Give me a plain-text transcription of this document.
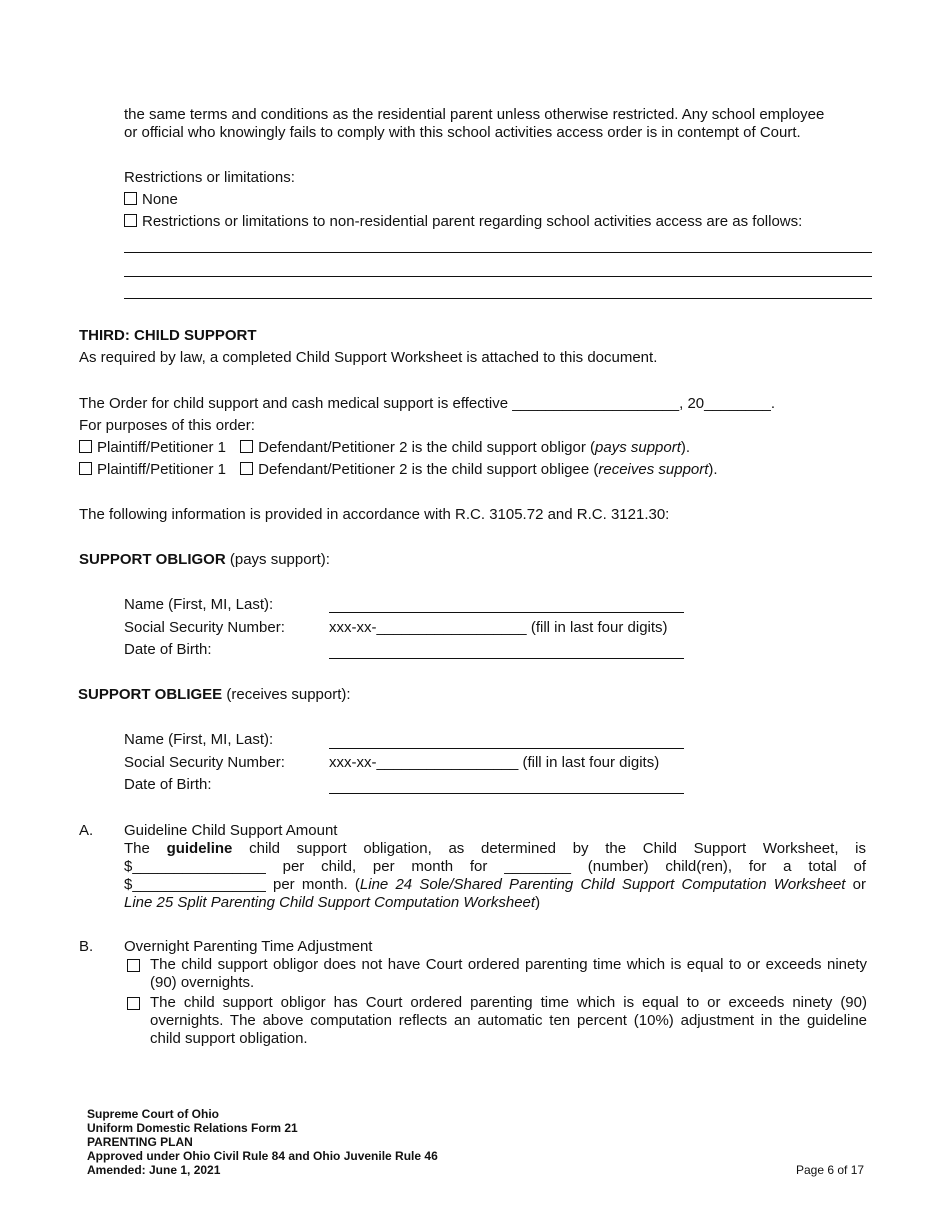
the same terms and conditions as the residential parent unless otherwise restricted. Any school employee
or official who knowingly fails to comply with this school activities access order is in contempt of Court.
Restrictions or limitations:
None
Restrictions or limitations to non-residential parent regarding school activities access are as follows:
THIRD: CHILD SUPPORT
As required by law, a completed Child Support Worksheet is attached to this document.
The Order for child support and cash medical support is effective ____________________, 20________.
For purposes of this order:
Plaintiff/Petitioner 1 Defendant/Petitioner 2 is the child support obligor (pays support).
Plaintiff/Petitioner 1 Defendant/Petitioner 2 is the child support obligee (receives support).
The following information is provided in accordance with R.C. 3105.72 and R.C. 3121.30:
SUPPORT OBLIGOR (pays support):
Name (First, MI, Last):
Social Security Number:	xxx-xx-__________________ (fill in last four digits)
Date of Birth:
SUPPORT OBLIGEE (receives support):
Name (First, MI, Last):
Social Security Number:	xxx-xx-_________________ (fill in last four digits)
Date of Birth:
A. Guideline Child Support Amount
The guideline child support obligation, as determined by the Child Support Worksheet, is
$________________ per child, per month for ________ (number) child(ren), for a total of
$________________ per month. (Line 24 Sole/Shared Parenting Child Support Computation Worksheet or
Line 25 Split Parenting Child Support Computation Worksheet)
B. Overnight Parenting Time Adjustment
The child support obligor does not have Court ordered parenting time which is equal to or exceeds ninety (90) overnights.
The child support obligor has Court ordered parenting time which is equal to or exceeds ninety (90) overnights. The above computation reflects an automatic ten percent (10%) adjustment in the guideline child support obligation.
Supreme Court of Ohio
Uniform Domestic Relations Form 21
PARENTING PLAN
Approved under Ohio Civil Rule 84 and Ohio Juvenile Rule 46
Amended: June 1, 2021	Page 6 of 17
